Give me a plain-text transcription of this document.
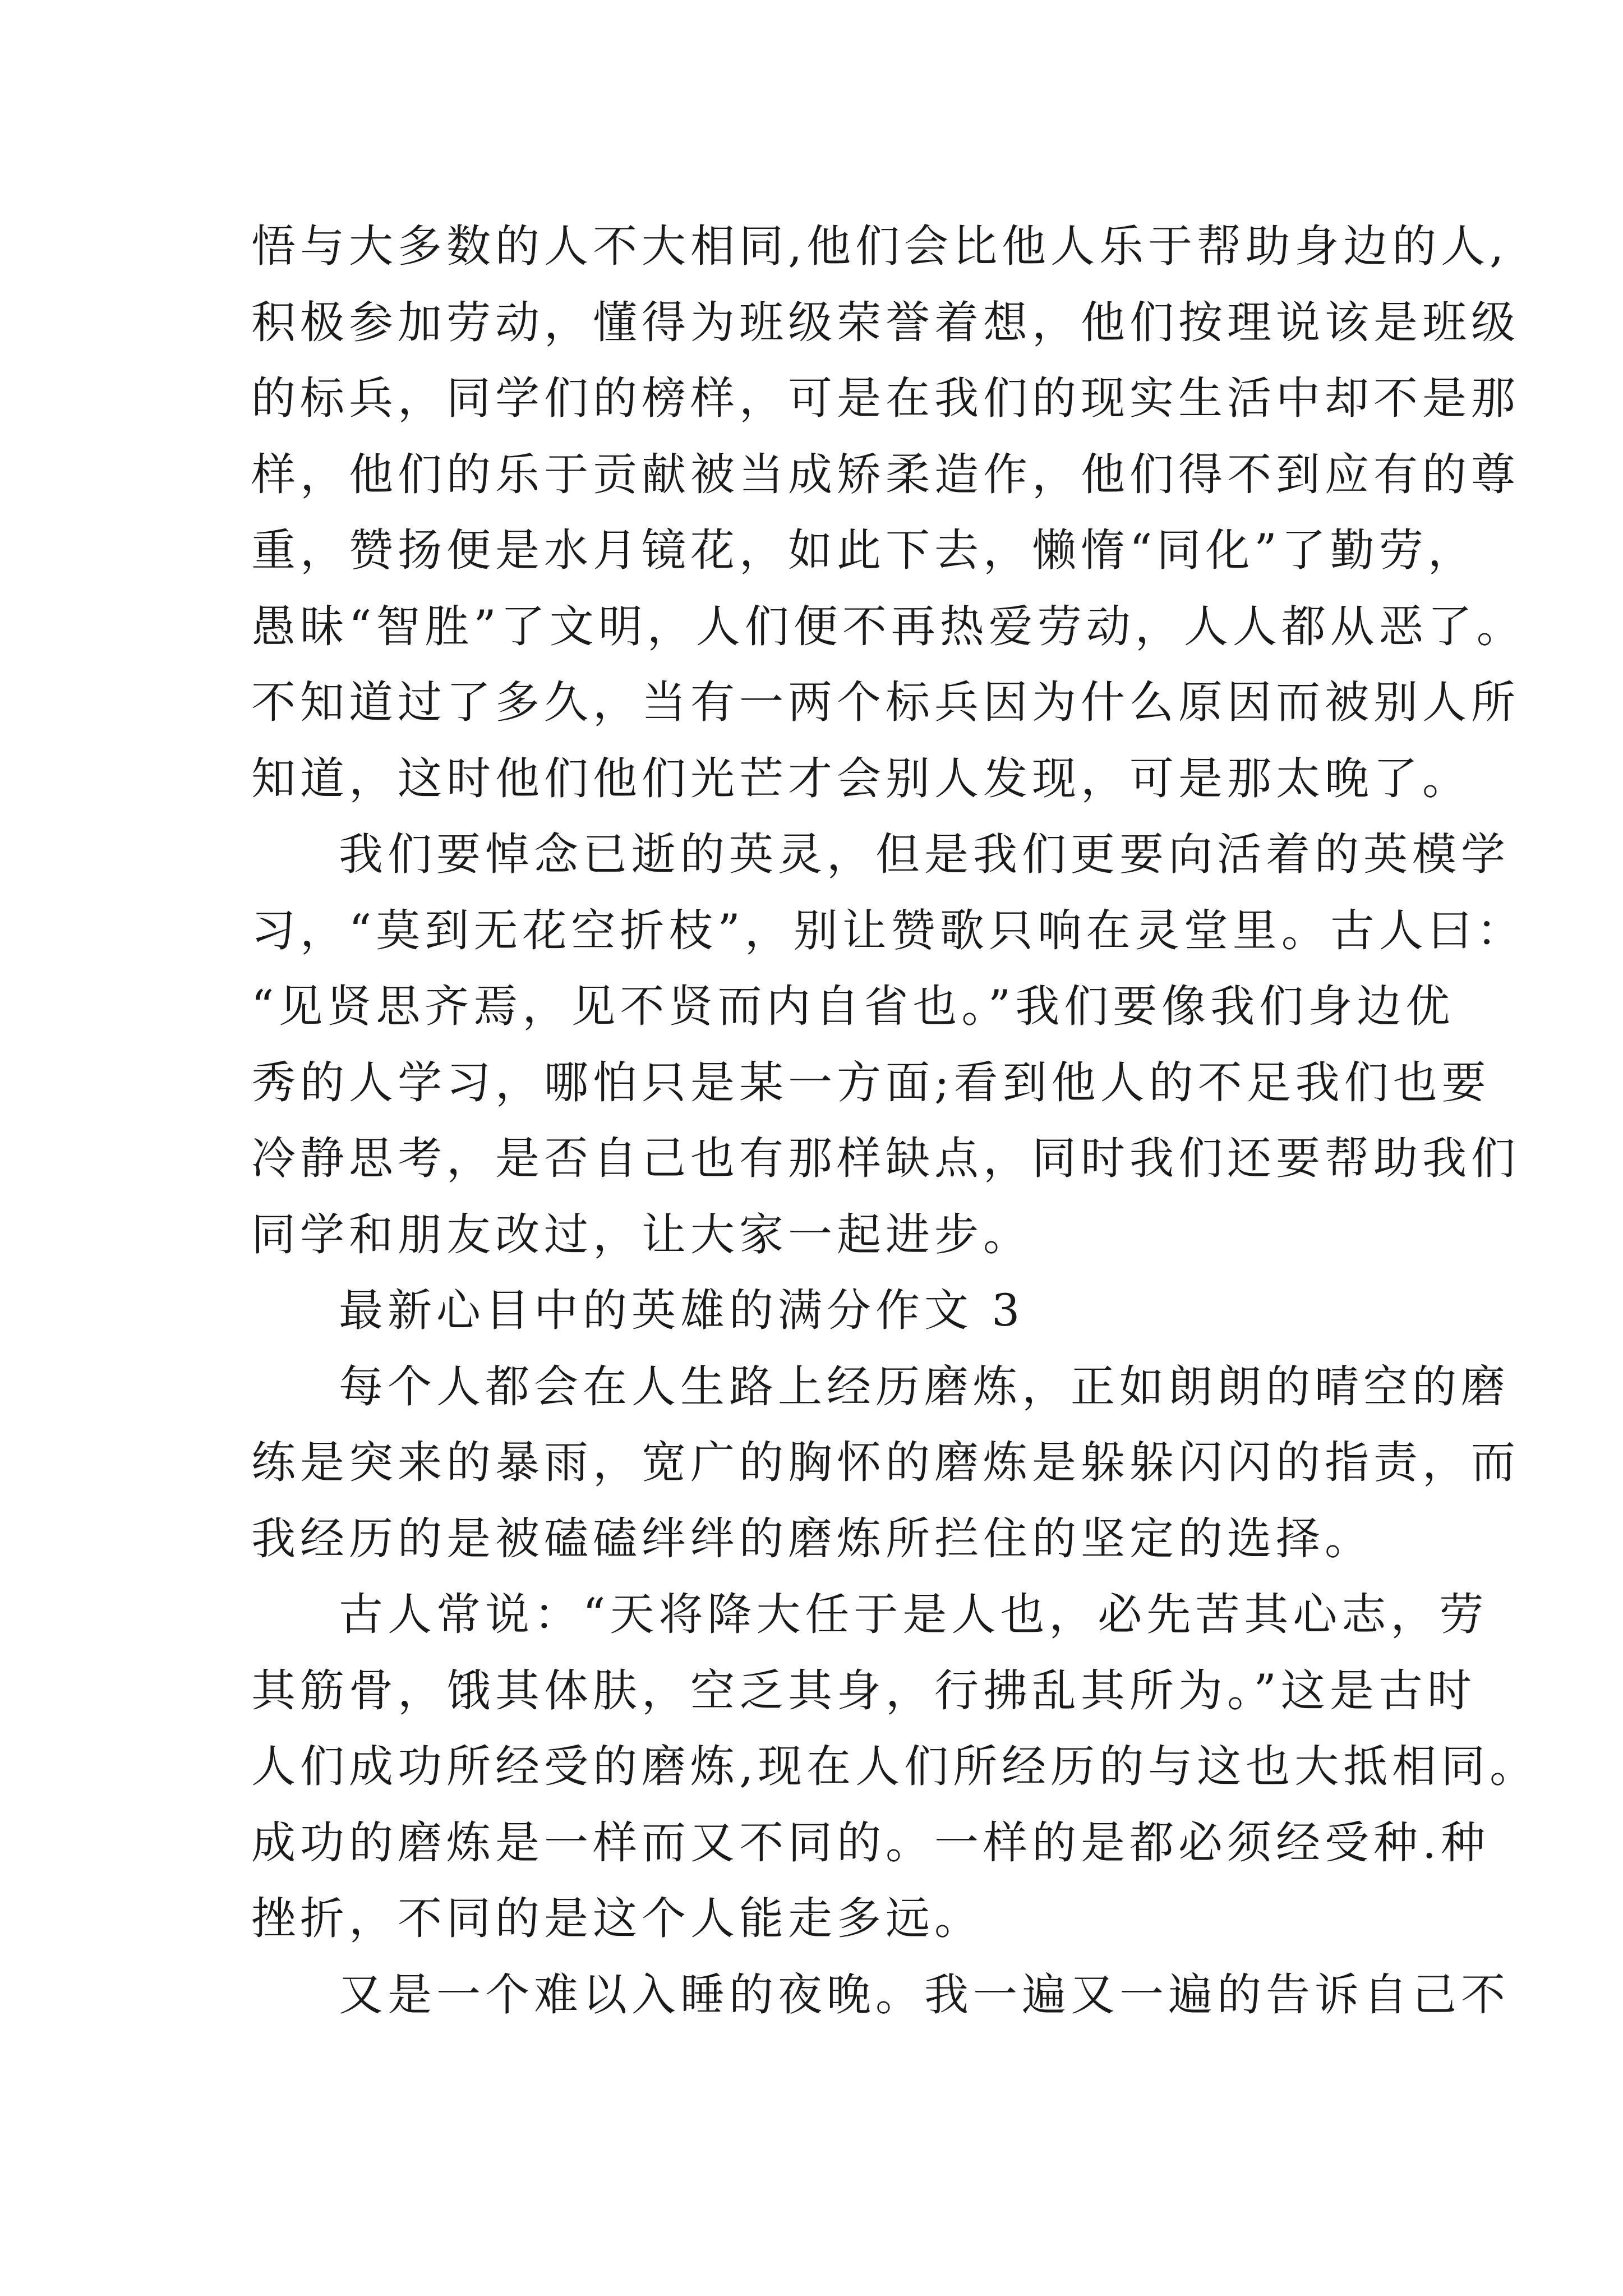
悟与大多数的人不大相同,他们会比他人乐于帮助身边的人,
积极参加劳动，懂得为班级荣誉着想，他们按理说该是班级
的标兵，同学们的榜样，可是在我们的现实生活中却不是那
样，他们的乐于贡献被当成矫柔造作，他们得不到应有的尊
重，赞扬便是水月镜花，如此下去，懒惰“同化”了勤劳，
愚昧“智胜”了文明，人们便不再热爱劳动，人人都从恶了。
不知道过了多久，当有一两个标兵因为什么原因而被别人所
知道，这时他们他们光芒才会别人发现，可是那太晚了。
我们要悼念已逝的英灵，但是我们更要向活着的英模学
习，“莫到无花空折枝”，别让赞歌只响在灵堂里。古人曰：
“见贤思齐焉，见不贤而内自省也。”我们要像我们身边优
秀的人学习，哪怕只是某一方面;看到他人的不足我们也要
冷静思考，是否自己也有那样缺点，同时我们还要帮助我们
同学和朋友改过，让大家一起进步。
最新心目中的英雄的满分作文 3
每个人都会在人生路上经历磨炼，正如朗朗的晴空的磨
练是突来的暴雨，宽广的胸怀的磨炼是躲躲闪闪的指责，而
我经历的是被磕磕绊绊的磨炼所拦住的坚定的选择。
古人常说：“天将降大任于是人也，必先苦其心志，劳
其筋骨，饿其体肤，空乏其身，行拂乱其所为。”这是古时
人们成功所经受的磨炼,现在人们所经历的与这也大抵相同。
成功的磨炼是一样而又不同的。一样的是都必须经受种.种
挫折，不同的是这个人能走多远。
又是一个难以入睡的夜晚。我一遍又一遍的告诉自己不
